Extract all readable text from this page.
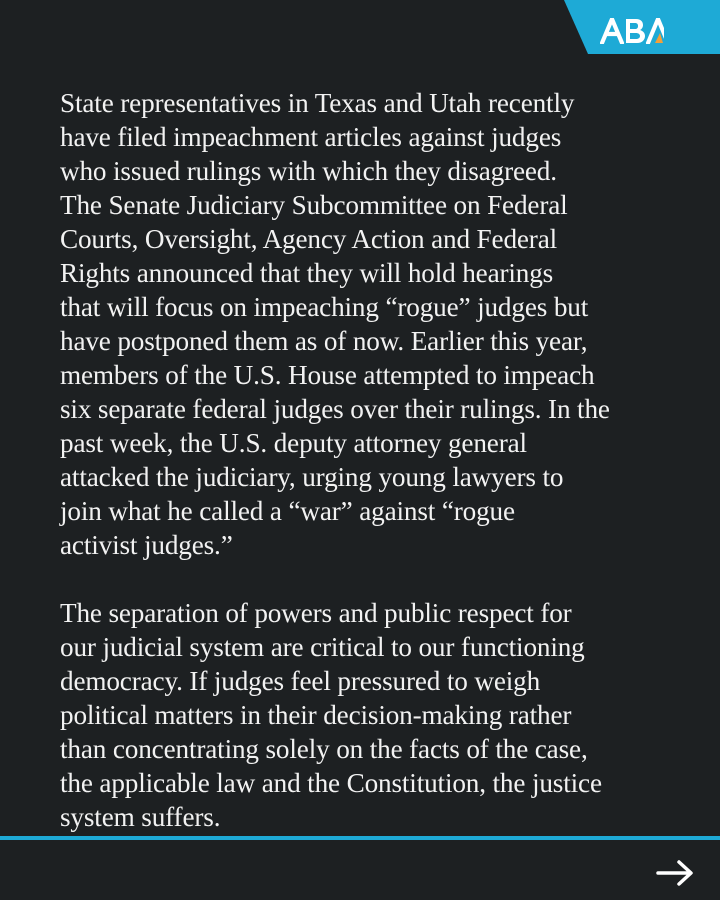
State representatives in Texas and Utah recently
have filed impeachment articles against judges
who issued rulings with which they disagreed.
The Senate Judiciary Subcommittee on Federal
Courts, Oversight, Agency Action and Federal
Rights announced that they will hold hearings
that will focus on impeaching “rogue” judges but
have postponed them as of now. Earlier this year,
members of the U.S. House attempted to impeach
six separate federal judges over their rulings. In the
past week, the U.S. deputy attorney general
attacked the judiciary, urging young lawyers to
join what he called a “war” against “rogue
activist judges.”

The separation of powers and public respect for
our judicial system are critical to our functioning
democracy. If judges feel pressured to weigh
political matters in their decision-making rather
than concentrating solely on the facts of the case,
the applicable law and the Constitution, the justice
system suffers.
